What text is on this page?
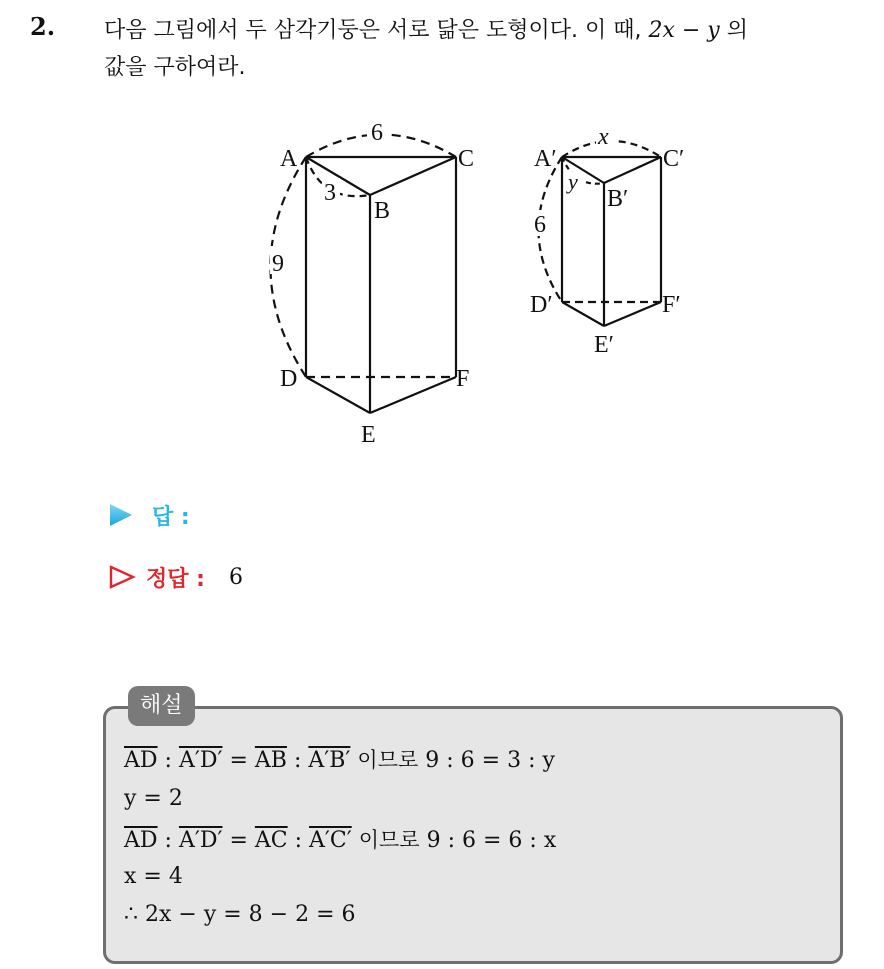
2. 다음 그림에서 두 삼각기둥은 서로 닮은 도형이다. 이 때, 2x − y 의
값을 구하여라.
A
B
C
D
E
F
6
3
9
A′
B′
C′
D′
E′
F′
x
y
6
답 :
정답 : 6
해설
$\overline{AD}$ : $A'D' = \overline{AB}$ : A′B′ 이므로 9 : 6 = 3 : y
y = 2
$\overline{AD}$ : $A'D' = \overline{AC}$ : A′C′ 이므로 9 : 6 = 6 : x
x = 4
∴ 2x − y = 8 − 2 = 6
